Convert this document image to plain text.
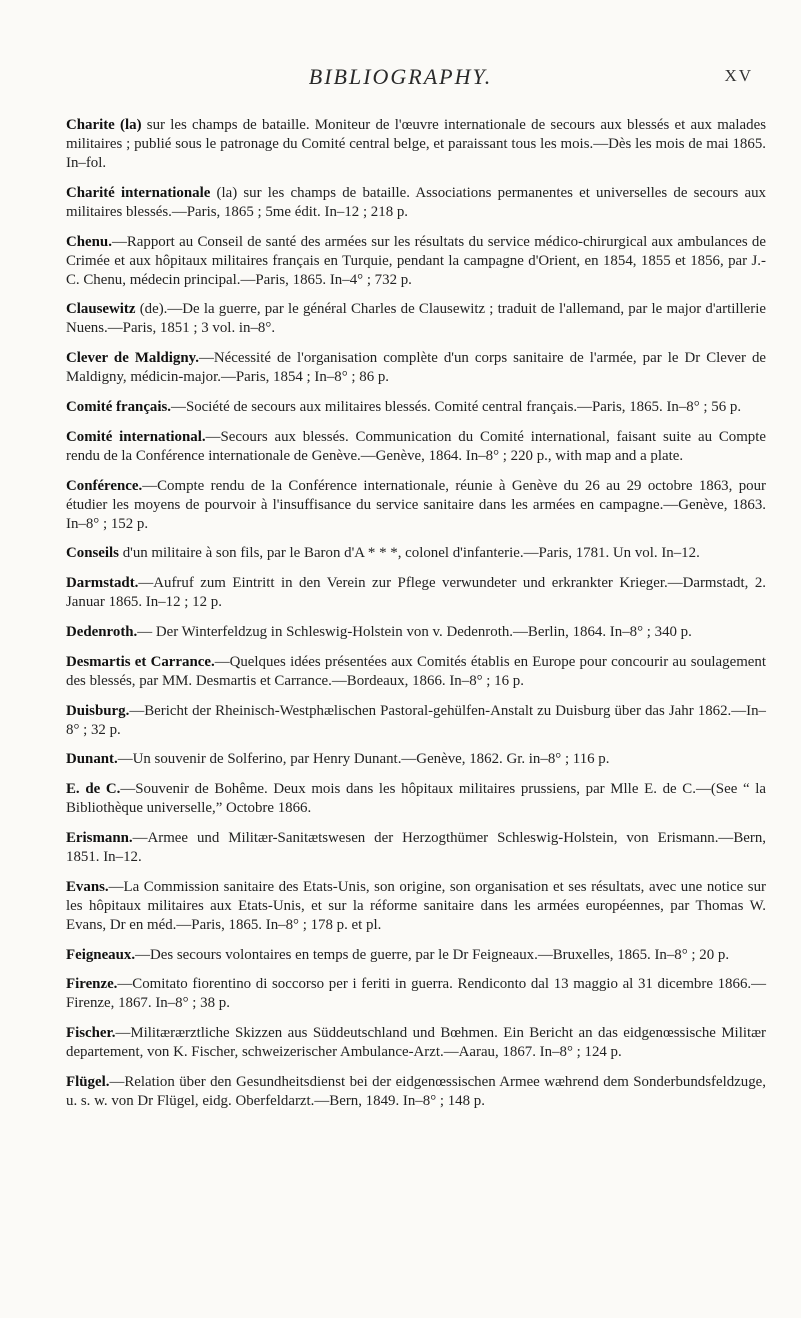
BIBLIOGRAPHY.	XV

Charite (la) sur les champs de bataille. Moniteur de l'œuvre internationale de secours aux blessés et aux malades militaires ; publié sous le patronage du Comité central belge, et paraissant tous les mois.—Dès les mois de mai 1865. In–fol.

Charité internationale (la) sur les champs de bataille. Associations permanentes et universelles de secours aux militaires blessés.—Paris, 1865 ; 5me édit. In–12 ; 218 p.

Chenu.—Rapport au Conseil de santé des armées sur les résultats du service médico-chirurgical aux ambulances de Crimée et aux hôpitaux militaires français en Turquie, pendant la campagne d'Orient, en 1854, 1855 et 1856, par J.-C. Chenu, médecin principal.—Paris, 1865. In–4° ; 732 p.

Clausewitz (de).—De la guerre, par le général Charles de Clausewitz ; traduit de l'allemand, par le major d'artillerie Nuens.—Paris, 1851 ; 3 vol. in–8°.

Clever de Maldigny.—Nécessité de l'organisation complète d'un corps sanitaire de l'armée, par le Dr Clever de Maldigny, médicin-major.—Paris, 1854 ; In–8° ; 86 p.

Comité français.—Société de secours aux militaires blessés. Comité central français.—Paris, 1865. In–8° ; 56 p.

Comité international.—Secours aux blessés. Communication du Comité international, faisant suite au Compte rendu de la Conférence internationale de Genève.—Genève, 1864. In–8° ; 220 p., with map and a plate.

Conférence.—Compte rendu de la Conférence internationale, réunie à Genève du 26 au 29 octobre 1863, pour étudier les moyens de pourvoir à l'insuffisance du service sanitaire dans les armées en campagne.—Genève, 1863. In–8° ; 152 p.

Conseils d'un militaire à son fils, par le Baron d'A * * *, colonel d'infanterie.—Paris, 1781. Un vol. In–12.

Darmstadt.—Aufruf zum Eintritt in den Verein zur Pflege verwundeter und erkrankter Krieger.—Darmstadt, 2. Januar 1865. In–12 ; 12 p.

Dedenroth.— Der Winterfeldzug in Schleswig-Holstein von v. Dedenroth.—Berlin, 1864. In–8° ; 340 p.

Desmartis et Carrance.—Quelques idées présentées aux Comités établis en Europe pour concourir au soulagement des blessés, par MM. Desmartis et Carrance.—Bordeaux, 1866. In–8° ; 16 p.

Duisburg.—Bericht der Rheinisch-Westphælischen Pastoral-gehülfen-Anstalt zu Duisburg über das Jahr 1862.—In–8° ; 32 p.

Dunant.—Un souvenir de Solferino, par Henry Dunant.—Genève, 1862. Gr. in–8° ; 116 p.

E. de C.—Souvenir de Bohême. Deux mois dans les hôpitaux militaires prussiens, par Mlle E. de C.—(See “ la Bibliothèque universelle,” Octobre 1866.

Erismann.—Armee und Militær-Sanitætswesen der Herzogthümer Schleswig-Holstein, von Erismann.—Bern, 1851. In–12.

Evans.—La Commission sanitaire des Etats-Unis, son origine, son organisation et ses résultats, avec une notice sur les hôpitaux militaires aux Etats-Unis, et sur la réforme sanitaire dans les armées européennes, par Thomas W. Evans, Dr en méd.—Paris, 1865. In–8° ; 178 p. et pl.

Feigneaux.—Des secours volontaires en temps de guerre, par le Dr Feigneaux.—Bruxelles, 1865. In–8° ; 20 p.

Firenze.—Comitato fiorentino di soccorso per i feriti in guerra. Rendiconto dal 13 maggio al 31 dicembre 1866.—Firenze, 1867. In–8° ; 38 p.

Fischer.—Militærærztliche Skizzen aus Süddeutschland und Bœhmen. Ein Bericht an das eidgenœssische Militær departement, von K. Fischer, schweizerischer Ambulance-Arzt.—Aarau, 1867. In–8° ; 124 p.

Flügel.—Relation über den Gesundheitsdienst bei der eidgenœssischen Armee wæhrend dem Sonderbundsfeldzuge, u. s. w. von Dr Flügel, eidg. Oberfeldarzt.—Bern, 1849. In–8° ; 148 p.
